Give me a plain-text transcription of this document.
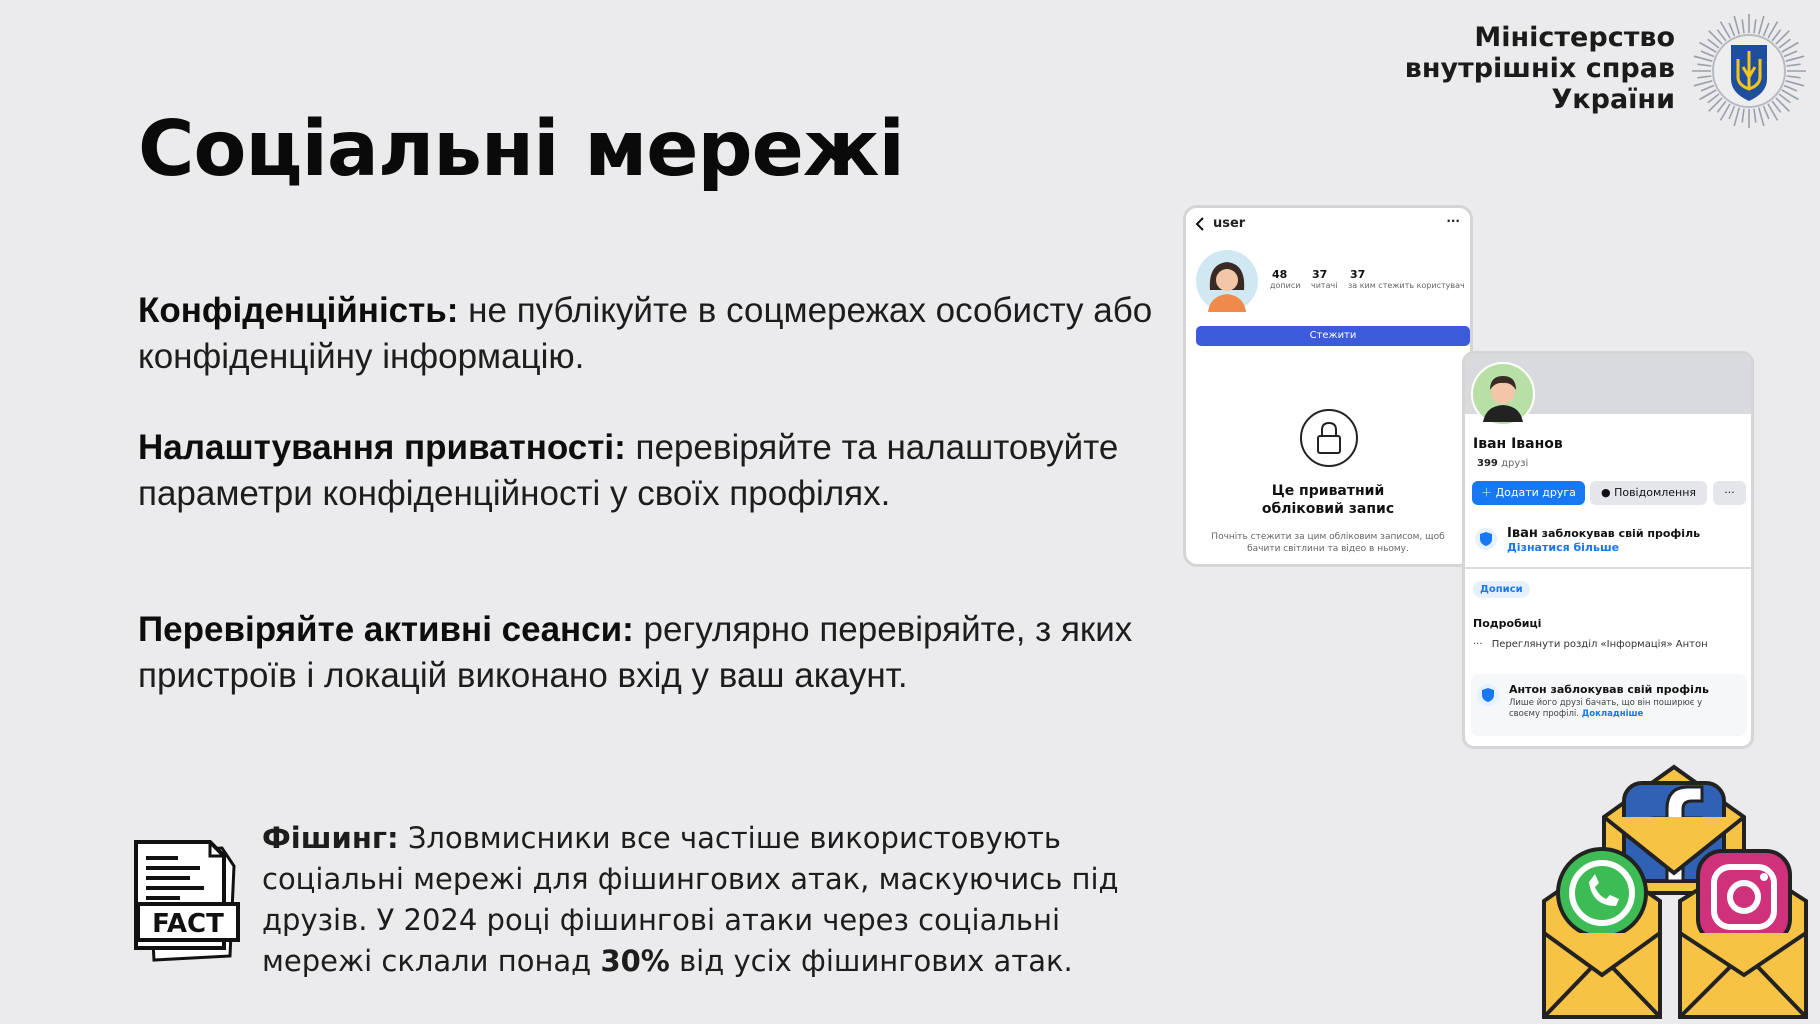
Міністерство
внутрішніх справ
України
Соціальні мережі

Конфіденційність: не публікуйте в соцмережах особисту або конфіденційну інформацію.

Налаштування приватності: перевіряйте та налаштовуйте параметри конфіденційності у своїх профілях.

Перевіряйте активні сеанси: регулярно перевіряйте, з яких пристроїв і локацій виконано вхід у ваш акаунт.

FACT

Фішинг: Зловмисники все частіше використовують соціальні мережі для фішингових атак, маскуючись під друзів. У 2024 році фішингові атаки через соціальні мережі склали понад 30% від усіх фішингових атак.

user	···
48
дописи
37
читачі
37
за ким стежить користувач
Стежити
Це приватний
обліковий запис
Почніть стежити за цим обліковим записом, щоб
бачити світлини та відео в ньому.
Іван Іванов
399 друзі
＋ Додати друга	● Повідомлення	···
Іван заблокував свій профіль
Дізнатися більше
Дописи
Подробиці
··· Переглянути розділ «Інформація» Антон
Антон заблокував свій профіль
Лише його друзі бачать, що він поширює у
своєму профілі. Докладніше
